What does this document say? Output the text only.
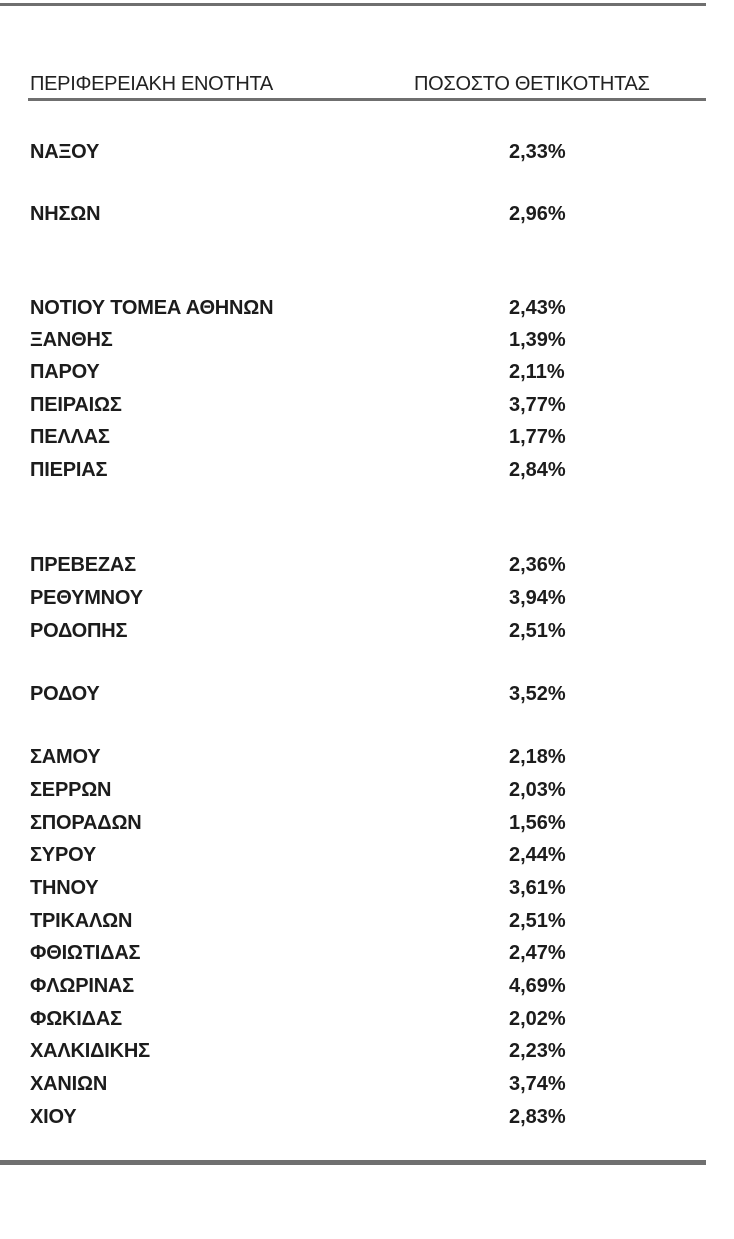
ΠΕΡΙΦΕΡΕΙΑΚΗ ΕΝΟΤΗΤΑ	ΠΟΣΟΣΤΟ ΘΕΤΙΚΟΤΗΤΑΣ
ΝΑΞΟΥ	2,33%
ΝΗΣΩΝ	2,96%
ΝΟΤΙΟΥ ΤΟΜΕΑ ΑΘΗΝΩΝ	2,43%
ΞΑΝΘΗΣ	1,39%
ΠΑΡΟΥ	2,11%
ΠΕΙΡΑΙΩΣ	3,77%
ΠΕΛΛΑΣ	1,77%
ΠΙΕΡΙΑΣ	2,84%
ΠΡΕΒΕΖΑΣ	2,36%
ΡΕΘΥΜΝΟΥ	3,94%
ΡΟΔΟΠΗΣ	2,51%
ΡΟΔΟΥ	3,52%
ΣΑΜΟΥ	2,18%
ΣΕΡΡΩΝ	2,03%
ΣΠΟΡΑΔΩΝ	1,56%
ΣΥΡΟΥ	2,44%
ΤΗΝΟΥ	3,61%
ΤΡΙΚΑΛΩΝ	2,51%
ΦΘΙΩΤΙΔΑΣ	2,47%
ΦΛΩΡΙΝΑΣ	4,69%
ΦΩΚΙΔΑΣ	2,02%
ΧΑΛΚΙΔΙΚΗΣ	2,23%
ΧΑΝΙΩΝ	3,74%
ΧΙΟΥ	2,83%
